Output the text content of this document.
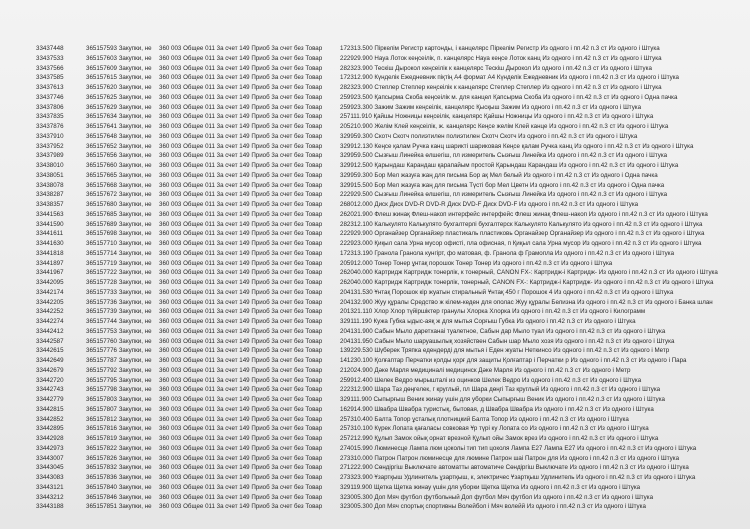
33437448	365157593 Закупки, не	360 003 Общее 011 3а счет 149 Приоб 3а счет без Товар	172313.500 Піркелім Регистр картонды, і канцелярс Піркелім Регистр Из одного і пп.42 п.3 ст Из одного і Штука
33437533	365157603 Закупки, не	360 003 Общее 011 3а счет 149 Приоб 3а счет без Товар	222929.900 Науа Лоток кеңсеілік, п. канцелярс Науа кеңсе Лоток канц Из одного і пп.42 п.3 ст Из одного і Штука
33437566	365157609 Закупки, не	360 003 Общее 011 3а счет 149 Приоб 3а счет без Товар	282323.900 Тескіш Дырокол кеңсеілік к канцелярс Тескіш Дырокол Из одного і пп.42 п.3 ст Из одного і Штука
33437585	365157615 Закупки, не	360 003 Общее 011 3а счет 149 Приоб 3а счет без Товар	172312.900 Күнделік Ежедневник піқтің А4 формат А4 Күнделік Ежедневник Из одного і пп.42 п.3 ст Из одного і Штука
33437613	365157620 Закупки, не	360 003 Общее 011 3а счет 149 Приоб 3а счет без Товар	282323.900 Степлер Степлер кеңсеілік к канцелярс Степлер Степлер Из одного і пп.42 п.3 ст Из одного і Штука
33437746	365157625 Закупки, не	360 003 Общее 011 3а счет 149 Приоб 3а счет без Товар	259923.500 Қапсырма Скоба кеңсеілік м. для канцел Қапсырма Скоба Из одного і пп.42 п.3 ст Из одного і Одна пачка
33437806	365157629 Закупки, не	360 003 Общее 011 3а счет 149 Приоб 3а счет без Товар	259923.300 Зажим Зажим кеңсеілік, канцелярс Қысқыш Зажим Из одного і пп.42 п.3 ст Из одного і Штука
33437835	365157634 Закупки, не	360 003 Общее 011 3а счет 149 Приоб 3а счет без Товар	257111.910 Қайшы Ножницы кеңсеілік, канцелярс Қайшы Ножницы Из одного і пп.42 п.3 ст Из одного і Штука
33437876	365157641 Закупки, не	360 003 Общее 011 3а счет 149 Приоб 3а счет без Товар	205210.900 Желім Клей кеңсеілік, ж. канцелярс Кеңсе желім Клей канце Из одного і пп.42 п.3 ст Из одного і Штука
33437910	365157648 Закупки, не	360 003 Общее 011 3а счет 149 Приоб 3а счет без Товар	329959.300 Скотч Скотч полиэтилен полиэтилен Скотч Скотч Из одного і пп.42 п.3 ст Из одного і Штука
33437952	365157652 Закупки, не	360 003 Общее 011 3а счет 149 Приоб 3а счет без Товар	329912.130 Кеңсе қалам Ручка канц шарикті шариковая Кеңсе қалам Ручка канц Из одного і пп.42 п.3 ст Из одного і Штука
33437989	365157656 Закупки, не	360 003 Общее 011 3а счет 149 Приоб 3а счет без Товар	329959.500 Сызғыш Линейка өлшегіш, пл измеритель Сызғыш Линейка Из одного і пп.42 п.3 ст Из одного і Штука
33438010	365157660 Закупки, не	360 003 Общее 011 3а счет 149 Приоб 3а счет без Товар	329912.500 Қарындаш Карандаш қарапайым простой Қарындаш Карандаш Из одного і пп.42 п.3 ст Из одного і Штука
33438051	365157665 Закупки, не	360 003 Общее 011 3а счет 149 Приоб 3а счет без Товар	329959.300 Бор Мел жазуға жаң для письма Бор ақ Мел белый Из одного і пп.42 п.3 ст Из одного і Одна пачка
33438078	365157668 Закупки, не	360 003 Общее 011 3а счет 149 Приоб 3а счет без Товар	329915.500 Бор Мел жазуға жаң для письма Түсті бор Мел Цветн Из одного і пп.42 п.3 ст Из одного і Одна пачка
33438287	365157672 Закупки, не	360 003 Общее 011 3а счет 149 Приоб 3а счет без Товар	222929.500 Сызғыш Линейка өлшегіш, пл измеритель Сызғыш Линейка Из одного і пп.42 п.3 ст Из одного і Штука
33438357	365157680 Закупки, не	360 003 Общее 011 3а счет 149 Приоб 3а счет без Товар	268012.000 Диск Диск DVD-R DVD-R Диск DVD-F Диск DVD-F Из одного і пп.42 п.3 ст Из одного і Штука
33441563	365157685 Закупки, не	360 003 Общее 011 3а счет 149 Приоб 3а счет без Товар	262021.900 Флеш жинақ Флеш-накоп интерфейс интерфейс Флеш жинақ Флеш-накоп Из одного і пп.42 п.3 ст Из одного і Штука
33441590	365157689 Закупки, не	360 003 Общее 011 3а счет 149 Приоб 3а счет без Товар	282312.100 Калькулято Калькулято бухгалтерлі бухгалтерск Калькулято Калькулято Из одного і пп.42 п.3 ст Из одного і Штука
33441611	365157698 Закупки, не	360 003 Общее 011 3а счет 149 Приоб 3а счет без Товар	222929.900 Органайзер Органайзер пластикаль пластиковь Органайзер Органайзер Из одного і пп.42 п.3 ст Из одного і Штука
33441630	365157710 Закупки, не	360 003 Общее 011 3а счет 149 Приоб 3а счет без Товар	222923.000 Қиқыл сала Урна мусор офисті, пла офисная, п Қиқыл сала Урна мусор Из одного і пп.42 п.3 ст Из одного і Штука
33441818	365157714 Закупки, не	360 003 Общее 011 3а счет 149 Приоб 3а счет без Товар	172313.190 Гранола Гранола кунгірт, фо матовая, ф. Гранола ф Грамопла Из одного і пп.42 п.3 ст Из одного і Штука
33441897	365157719 Закупки, не	360 003 Общее 011 3а счет 149 Приоб 3а счет без Товар	205912.000 Тонер Тонер ұнтақ порошок Тонер Тонер Из одного і пп.42 п.3 ст Из одного і Штука
33441967	365157722 Закупки, не	360 003 Общее 011 3а счет 149 Приоб 3а счет без Товар	262040.000 Картридж Картридж тонерлік, к тонерный, CANON FX-: Картридж-і Картридж- Из одного і пп.42 п.3 ст Из одного і Штука
33442095	365157728 Закупки, не	360 003 Общее 011 3а счет 149 Приоб 3а счет без Товар	262040.000 Картридж Картридж тонерлік, тонерный, CANON FX-: Картридж-і Картридж- Из одного і пп.42 п.3 ст Из одного і Штука
33442174	365157733 Закупки, не	360 003 Общее 011 3а счет 149 Приоб 3а счет без Товар	204131.530 Ұнтақ Порошок кір жуатын стиральный Ұнтақ 450 г Порошок 4 Из одного і пп.42 п.3 ст Из одного і Штука
33442205	365157736 Закупки, не	360 003 Общее 011 3а счет 149 Приоб 3а счет без Товар	204132.900 Жуу құралы Средство ж кілем-кеден для ополас Жуу құралы Белизна Из одного і пп.42 п.3 ст Из одного і Банка шлан
33442252	365157739 Закупки, не	360 003 Общее 011 3а счет 149 Приоб 3а счет без Товар	201321.110 Хлор Хлор түйіршіктер гранулы Хлорка Хлорка Из одного і пп.42 п.3 ст Из одного і Килограмм
33442274	365157744 Закупки, не	360 003 Общее 011 3а счет 149 Приоб 3а счет без Товар	329111.190 Кужа Губка ыдыс-аяқ ж для мытья Сорғыш Губка Из одного і пп.42 п.3 ст Из одного і Штука
33442412	365157753 Закупки, не	360 003 Общее 011 3а счет 149 Приоб 3а счет без Товар	204131.900 Сабын Мыло даретханаі туалетное, Сабын дар Мыло туал Из одного і пп.42 п.3 ст Из одного і Штука
33442587	365157760 Закупки, не	360 003 Общее 011 3а счет 149 Приоб 3а счет без Товар	204131.950 Сабын Мыло шаруашылық хозяйствен Сабын шар Мыло хозя Из одного і пп.42 п.3 ст Из одного і Штука
33442615	365157776 Закупки, не	360 003 Общее 011 3а счет 149 Приоб 3а счет без Товар	139229.530 Шүберек Тряпка едендерді для мытья і Еден жуаты Неткинсо Из одного і пп.42 п.3 ст Из одного і Метр
33442649	365157787 Закупки, не	360 003 Общее 011 3а счет 149 Приоб 3а счет без Товар	141230.100 Қолғаптар Перчатки қолды қорғ для защиты Қолғаптар і Перчатки р Из одного і пп.42 п.3 ст Из одного і Пара
33442679	365157792 Закупки, не	360 003 Общее 011 3а счет 149 Приоб 3а счет без Товар	212024.900 Дәке Марля медициналі медицинск Дәке Марля Из одного і пп.42 п.3 ст Из одного і Метр
33442720	365157795 Закупки, не	360 003 Общее 011 3а счет 149 Приоб 3а счет без Товар	259912.400 Шелек Ведро мырышталі из оцинков Шелек Ведро Из одного і пп.42 п.3 ст Из одного і Штука
33442743	365157798 Закупки, не	360 003 Общее 011 3а счет 149 Приоб 3а счет без Товар	222312.900 Шара Таз дөңгелек, г круглый, пл Шара дөңгі Таз круглый Из одного і пп.42 п.3 ст Из одного і Штука
33442779	365157803 Закупки, не	360 003 Общее 011 3а счет 149 Приоб 3а счет без Товар	329111.900 Сыпырғыш Веник жинау үшін для уборки Сыпырғыш Веник Из одного і пп.42 п.3 ст Из одного і Штука
33442815	365157807 Закупки, не	360 003 Общее 011 3а счет 149 Приоб 3а счет без Товар	162914.900 Швабра Швабра туристық, бытовая, д Швабра Швабра Из одного і пп.42 п.3 ст Из одного і Штука
33442852	365157812 Закупки, не	360 003 Общее 011 3а счет 149 Приоб 3а счет без Товар	257310.400 Балта Топор ұсталық плотницкий Балта Топор Из одного і пп.42 п.3 ст Из одного і Штука
33442895	365157816 Закупки, не	360 003 Общее 011 3а счет 149 Приоб 3а счет без Товар	257310.100 Күрек Лопата қағаласы совковая Ұр түрі ку Лопата со Из одного і пп.42 п.3 ст Из одного і Штука
33442928	365157819 Закупки, не	360 003 Общее 011 3а счет 149 Приоб 3а счет без Товар	257212.990 Құлып Замок ойық орнат врезной Құлып ойы Замок врез Из одного і пп.42 п.3 ст Из одного і Штука
33442973	365157822 Закупки, не	360 003 Общее 011 3а счет 149 Приоб 3а счет без Товар	274015.990 Люминесце Лампа люм цокольі тип тип цоколя Лампа E27 Лампа E27 Из одного і пп.42 п.3 ст Из одного і Штука
33443007	365157826 Закупки, не	360 003 Общее 011 3а счет 149 Приоб 3а счет без Товар	273310.000 Патрон Патрон люминесце для люмине Патрон шаі Патрон для Из одного і пп.42 п.3 ст Из одного і Штука
33443045	365157832 Закупки, не	360 003 Общее 011 3а счет 149 Приоб 3а счет без Товар	271222.900 Сөндіргіш Выключате автоматты автоматиче Сөндіргіш Выключате Из одного і пп.42 п.3 ст Из одного і Штука
33443083	365157836 Закупки, не	360 003 Общее 011 3а счет 149 Приоб 3а счет без Товар	273323.900 Ұзартқыш Удлинитель ұзартқыш, к, электричес Ұзартқыш Удлинитель Из одного і пп.42 п.3 ст Из одного і Штука
33443121	365157840 Закупки, не	360 003 Общее 011 3а счет 149 Приоб 3а счет без Товар	329119.900 Щетка Щетка жинау үшін для уборки Щетка Щетка Из одного і пп.42 п.3 ст Из одного і Штука
33443212	365157846 Закупки, не	360 003 Общее 011 3а счет 149 Приоб 3а счет без Товар	323005.300 Доп Мяч футбол футбольный Доп футбол Мяч футбол Из одного і пп.42 п.3 ст Из одного і Штука
33443188	365157851 Закупки, не	360 003 Общее 011 3а счет 149 Приоб 3а счет без Товар	323005.300 Доп Мяч спортық спортивны Волейбол і Мяч волейй Из одного і пп.42 п.3 ст Из одного і Штука
